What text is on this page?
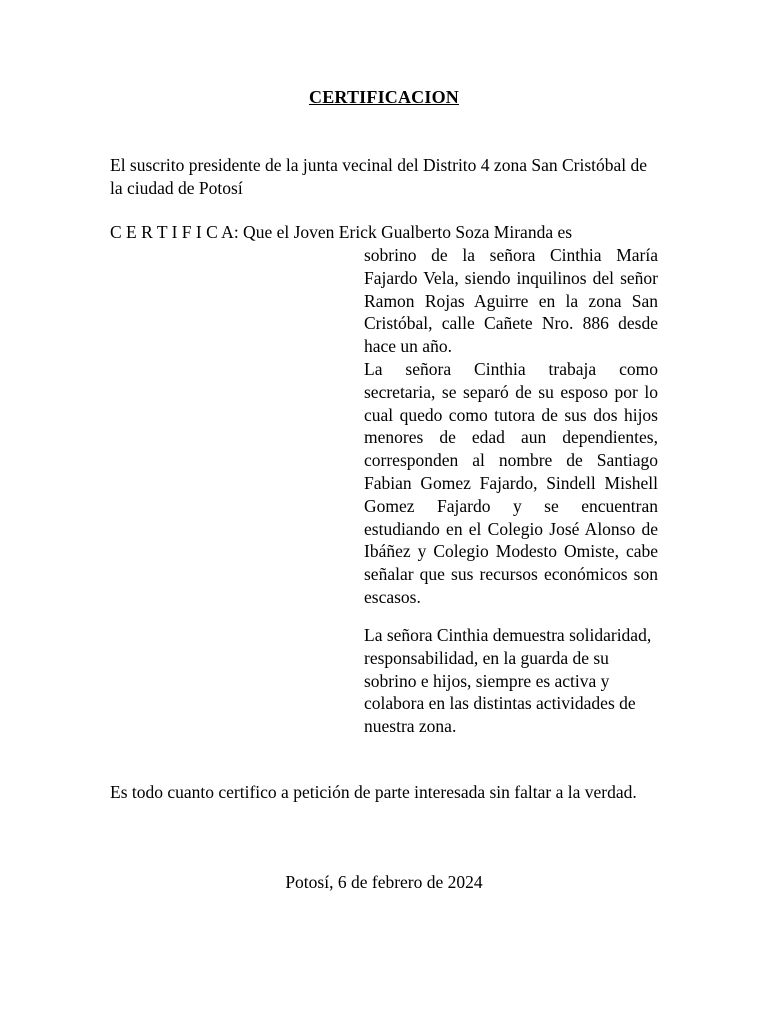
CERTIFICACION

El suscrito presidente de la junta vecinal del Distrito 4 zona San Cristóbal de la ciudad de Potosí

C E R T I F I C A: Que el Joven Erick Gualberto Soza Miranda es

sobrino de la señora Cinthia María Fajardo Vela, siendo inquilinos del señor Ramon Rojas Aguirre en la zona San Cristóbal, calle Cañete Nro. 886 desde hace un año.

La señora Cinthia trabaja como secretaria, se separó de su esposo por lo cual quedo como tutora de sus dos hijos menores de edad aun dependientes, corresponden al nombre de Santiago Fabian Gomez Fajardo, Sindell Mishell Gomez Fajardo y se encuentran estudiando en el Colegio José Alonso de Ibáñez y Colegio Modesto Omiste, cabe señalar que sus recursos económicos son escasos.

La señora Cinthia demuestra solidaridad, responsabilidad, en la guarda de su sobrino e hijos, siempre es activa y colabora en las distintas actividades de nuestra zona.

Es todo cuanto certifico a petición de parte interesada sin faltar a la verdad.

Potosí, 6 de febrero de 2024
